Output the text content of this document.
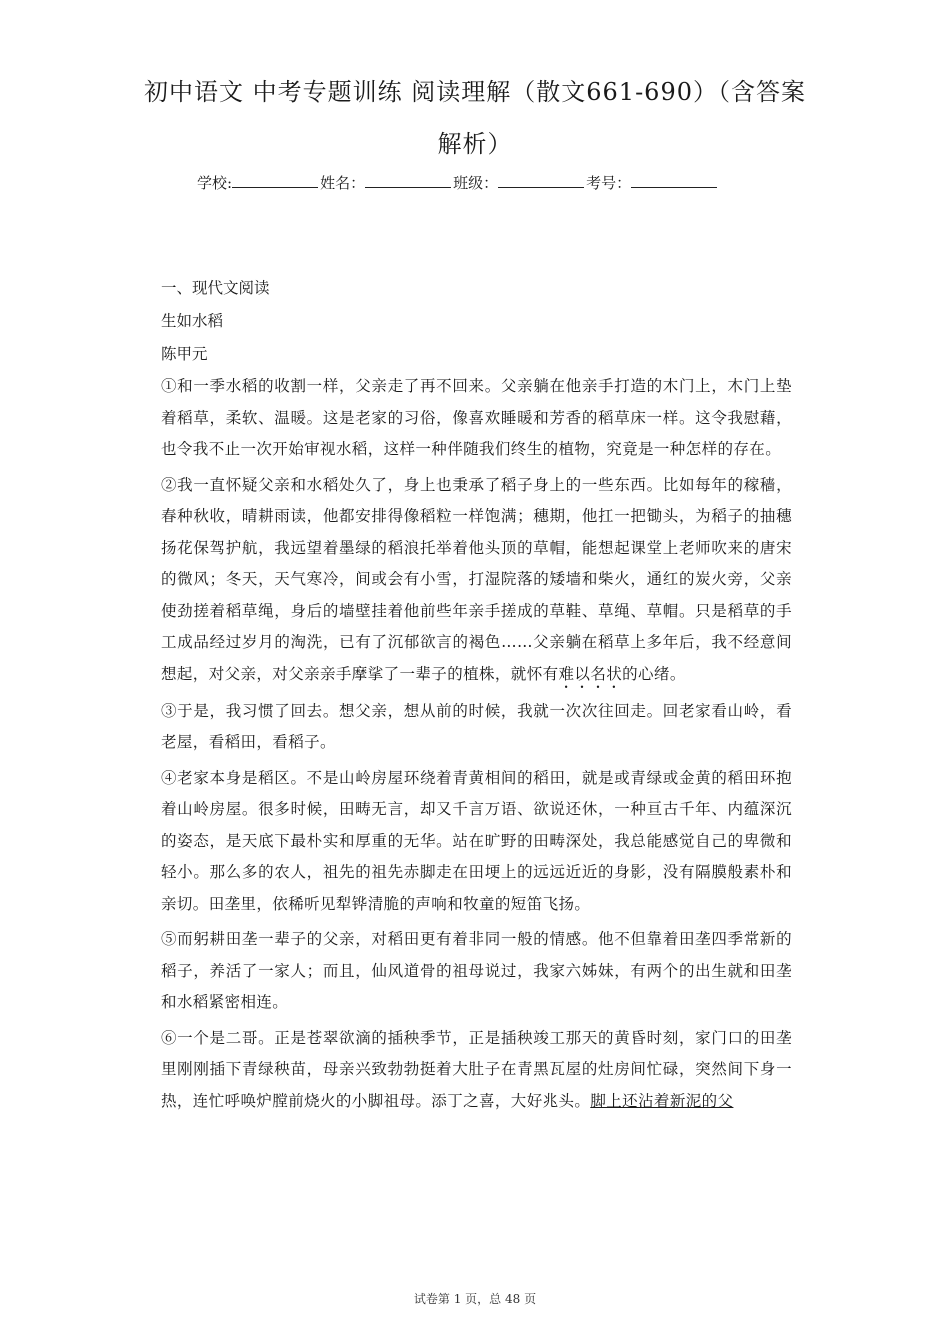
初中语文 中考专题训练 阅读理解（散文661-690）（含答案
解析）
学校:	姓名：	班级：	考号：

一、现代文阅读

生如水稻

陈甲元

①和一季水稻的收割一样，父亲走了再不回来。父亲躺在他亲手打造的木门上，木门上垫着稻草，柔软、温暖。这是老家的习俗，像喜欢睡暖和芳香的稻草床一样。这令我慰藉，也令我不止一次开始审视水稻，这样一种伴随我们终生的植物，究竟是一种怎样的存在。

②我一直怀疑父亲和水稻处久了，身上也秉承了稻子身上的一些东西。比如每年的稼穑，春种秋收，晴耕雨读，他都安排得像稻粒一样饱满；穗期，他扛一把锄头，为稻子的抽穗扬花保驾护航，我远望着墨绿的稻浪托举着他头顶的草帽，能想起课堂上老师吹来的唐宋的微风；冬天，天气寒冷，间或会有小雪，打湿院落的矮墙和柴火，通红的炭火旁，父亲使劲搓着稻草绳，身后的墙壁挂着他前些年亲手搓成的草鞋、草绳、草帽。只是稻草的手工成品经过岁月的淘洗，已有了沉郁欲言的褐色……父亲躺在稻草上多年后，我不经意间想起，对父亲，对父亲亲手摩挲了一辈子的植株，就怀有难以名状的心绪。

③于是，我习惯了回去。想父亲，想从前的时候，我就一次次往回走。回老家看山岭，看老屋，看稻田，看稻子。

④老家本身是稻区。不是山岭房屋环绕着青黄相间的稻田，就是或青绿或金黄的稻田环抱着山岭房屋。很多时候，田畴无言，却又千言万语、欲说还休，一种亘古千年、内蕴深沉的姿态，是天底下最朴实和厚重的无华。站在旷野的田畴深处，我总能感觉自己的卑微和轻小。那么多的农人，祖先的祖先赤脚走在田埂上的远远近近的身影，没有隔膜般素朴和亲切。田垄里，依稀听见犁铧清脆的声响和牧童的短笛飞扬。

⑤而躬耕田垄一辈子的父亲，对稻田更有着非同一般的情感。他不但靠着田垄四季常新的稻子，养活了一家人；而且，仙风道骨的祖母说过，我家六姊妹，有两个的出生就和田垄和水稻紧密相连。

⑥一个是二哥。正是苍翠欲滴的插秧季节，正是插秧竣工那天的黄昏时刻，家门口的田垄里刚刚插下青绿秧苗，母亲兴致勃勃挺着大肚子在青黑瓦屋的灶房间忙碌，突然间下身一热，连忙呼唤炉膛前烧火的小脚祖母。添丁之喜，大好兆头。脚上还沾着新泥的父

试卷第 1 页，总 48 页
